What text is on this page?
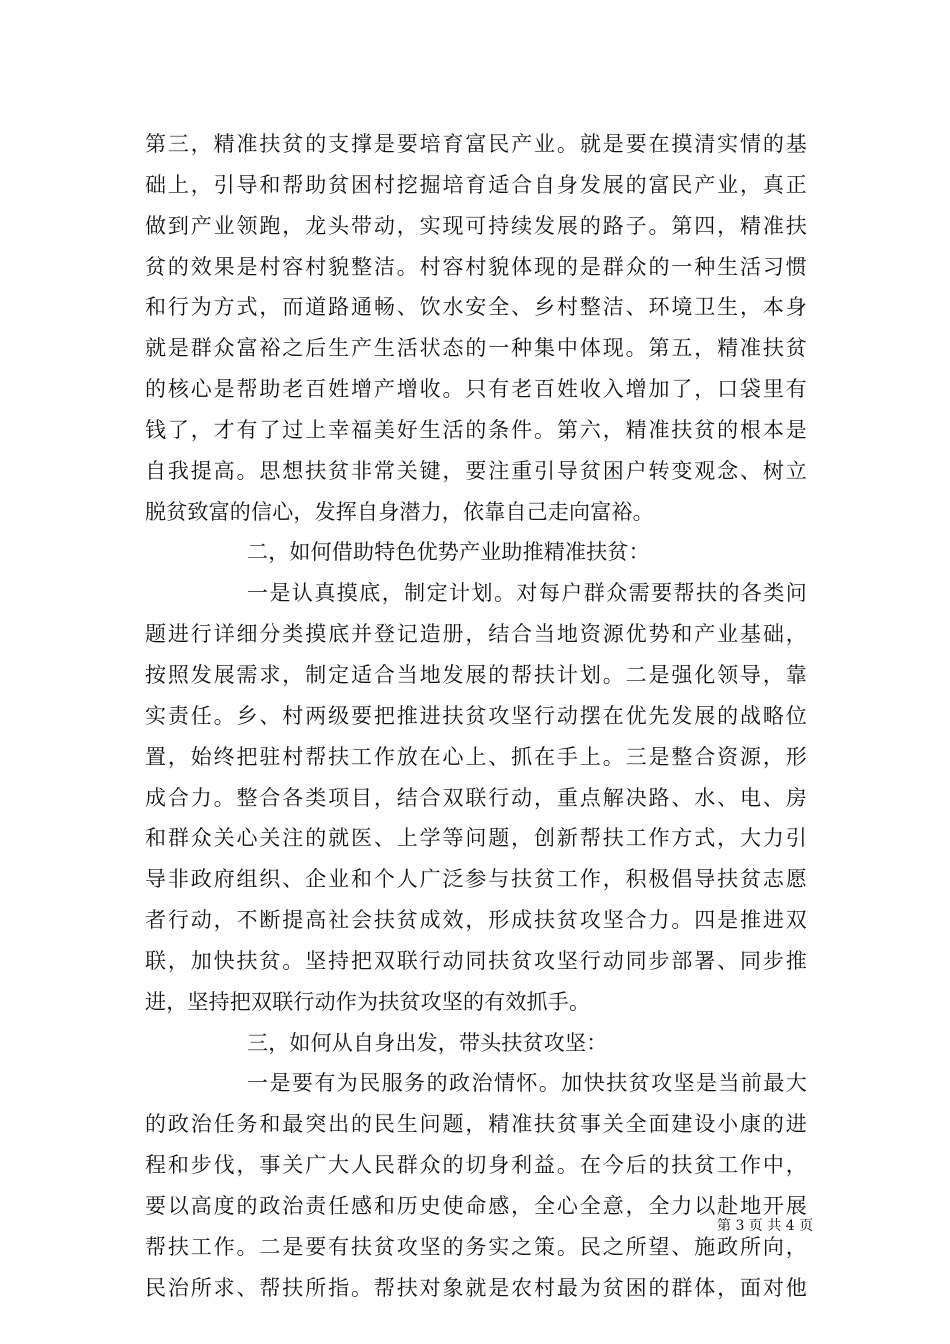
第三，精准扶贫的支撑是要培育富民产业。就是要在摸清实情的基
础上，引导和帮助贫困村挖掘培育适合自身发展的富民产业，真正
做到产业领跑，龙头带动，实现可持续发展的路子。第四，精准扶
贫的效果是村容村貌整洁。村容村貌体现的是群众的一种生活习惯
和行为方式，而道路通畅、饮水安全、乡村整洁、环境卫生，本身
就是群众富裕之后生产生活状态的一种集中体现。第五，精准扶贫
的核心是帮助老百姓增产增收。只有老百姓收入增加了，口袋里有
钱了，才有了过上幸福美好生活的条件。第六，精准扶贫的根本是
自我提高。思想扶贫非常关键，要注重引导贫困户转变观念、树立
脱贫致富的信心，发挥自身潜力，依靠自己走向富裕。
二，如何借助特色优势产业助推精准扶贫：
一是认真摸底，制定计划。对每户群众需要帮扶的各类问
题进行详细分类摸底并登记造册，结合当地资源优势和产业基础，
按照发展需求，制定适合当地发展的帮扶计划。二是强化领导，靠
实责任。乡、村两级要把推进扶贫攻坚行动摆在优先发展的战略位
置，始终把驻村帮扶工作放在心上、抓在手上。三是整合资源，形
成合力。整合各类项目，结合双联行动，重点解决路、水、电、房
和群众关心关注的就医、上学等问题，创新帮扶工作方式，大力引
导非政府组织、企业和个人广泛参与扶贫工作，积极倡导扶贫志愿
者行动，不断提高社会扶贫成效，形成扶贫攻坚合力。四是推进双
联，加快扶贫。坚持把双联行动同扶贫攻坚行动同步部署、同步推
进，坚持把双联行动作为扶贫攻坚的有效抓手。
三，如何从自身出发，带头扶贫攻坚：
一是要有为民服务的政治情怀。加快扶贫攻坚是当前最大
的政治任务和最突出的民生问题，精准扶贫事关全面建设小康的进
程和步伐，事关广大人民群众的切身利益。在今后的扶贫工作中，
要以高度的政治责任感和历史使命感，全心全意，全力以赴地开展
帮扶工作。二是要有扶贫攻坚的务实之策。民之所望、施政所向，
民治所求、帮扶所指。帮扶对象就是农村最为贫困的群体，面对他
第 3 页 共 4 页
